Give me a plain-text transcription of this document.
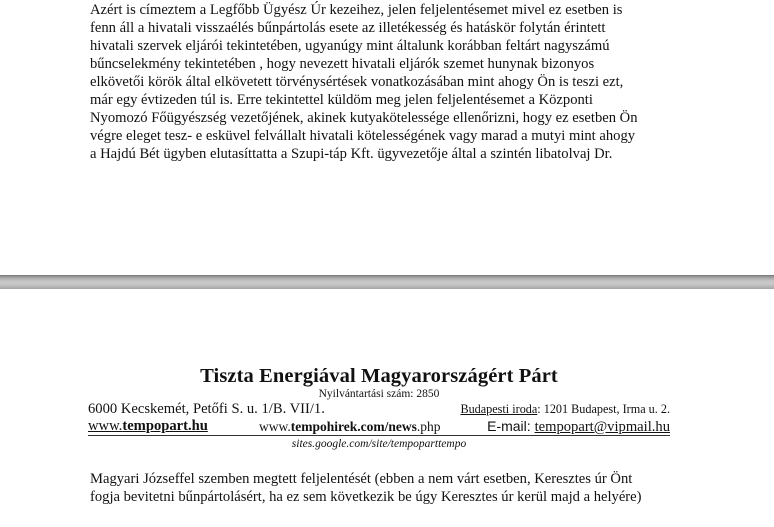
Azért is címeztem a Legfőbb Ügyész Úr kezeihez, jelen feljelentésemet mivel ez esetben is
fenn áll a hivatali visszaélés bűnpártolás esete az illetékesség és hatáskör folytán érintett
hivatali szervek eljárói tekintetében, ugyanúgy mint általunk korábban feltárt nagyszámú
bűncselekmény tekintetében , hogy nevezett hivatali eljárók szemet hunynak bizonyos
elkövetői körök által elkövetett törvénysértések vonatkozásában mint ahogy Ön is teszi ezt,
már egy évtizeden túl is. Erre tekintettel küldöm meg jelen feljelentésemet a Központi
Nyomozó Főügyészség vezetőjének, akinek kutyakötelessége ellenőrizni, hogy ez esetben Ön
végre eleget tesz- e esküvel felvállalt hivatali kötelességének vagy marad a mutyi mint ahogy
a Hajdú Bét ügyben elutasíttatta a Szupi-táp Kft. ügyvezetője által a szintén libatolvaj Dr.

Tiszta Energiával Magyarországért Párt

Nyilvántartási szám: 2850

6000 Kecskemét, Petőfi S. u. 1/B. VII/1.	Budapesti iroda: 1201 Budapest, Irma u. 2.
www.tempopart.hu	www.tempohirek.com/news.php	E-mail: tempopart@vipmail.hu

sites.google.com/site/tempoparttempo

Magyari Józseffel szemben megtett feljelentését (ebben a nem várt esetben, Keresztes úr Önt
fogja bevitetni bűnpártolásért, ha ez sem következik be úgy Keresztes úr kerül majd a helyére)
